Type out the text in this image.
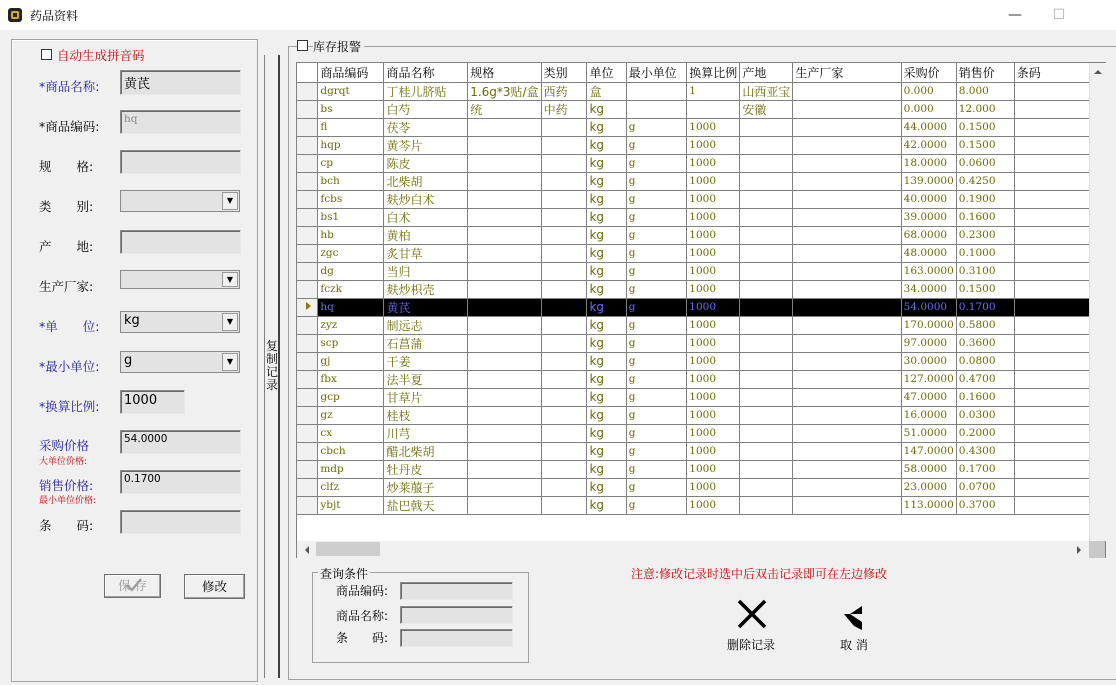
药品资料	—	☐
自动生成拼音码
*商品名称:	黄芪
*商品编码:	hq
规　　格:
类　　别:	▼
产　　地:
生产厂家:	▼
*单　　位:	kg	▼
*最小单位:	g	▼
*换算比例:	1000
采购价格
大单位价格:
54.0000
销售价格:
最小单位价格:
0.1700
条　　码:
保 存	修改
复制记录
库存报警
	商品编码	商品名称	规格	类别	单位	最小单位	换算比例	产地	生产厂家	采购价	销售价	条码	
	dgrqt	丁桂儿脐贴	1.6g*3贴/盒	西药	盒		1	山西亚宝		0.000	8.000		
	bs	白芍	统	中药	kg			安徽		0.000	12.000		
	fl	茯苓			kg	g	1000			44.0000	0.1500		
	hqp	黄芩片			kg	g	1000			42.0000	0.1500		
	cp	陈皮			kg	g	1000			18.0000	0.0600		
	bch	北柴胡			kg	g	1000			139.0000	0.4250		
	fcbs	麸炒白术			kg	g	1000			40.0000	0.1900		
	bs1	白术			kg	g	1000			39.0000	0.1600		
	hb	黄柏			kg	g	1000			68.0000	0.2300		
	zgc	炙甘草			kg	g	1000			48.0000	0.1000		
	dg	当归			kg	g	1000			163.0000	0.3100		
	fczk	麸炒枳壳			kg	g	1000			34.0000	0.1500		
	hq	黄芪			kg	g	1000			54.0000	0.1700		
	zyz	制远志			kg	g	1000			170.0000	0.5800		
	scp	石菖蒲			kg	g	1000			97.0000	0.3600		
	gj	干姜			kg	g	1000			30.0000	0.0800		
	fbx	法半夏			kg	g	1000			127.0000	0.4700		
	gcp	甘草片			kg	g	1000			47.0000	0.1600		
	gz	桂枝			kg	g	1000			16.0000	0.0300		
	cx	川芎			kg	g	1000			51.0000	0.2000		
	cbch	醋北柴胡			kg	g	1000			147.0000	0.4300		
	mdp	牡丹皮			kg	g	1000			58.0000	0.1700		
	clfz	炒莱菔子			kg	g	1000			23.0000	0.0700		
	ybjt	盐巴戟天			kg	g	1000			113.0000	0.3700		
查询条件
商品编码:
商品名称:
条　　码:
注意:修改记录时选中后双击记录即可在左边修改
删除记录	取 消
